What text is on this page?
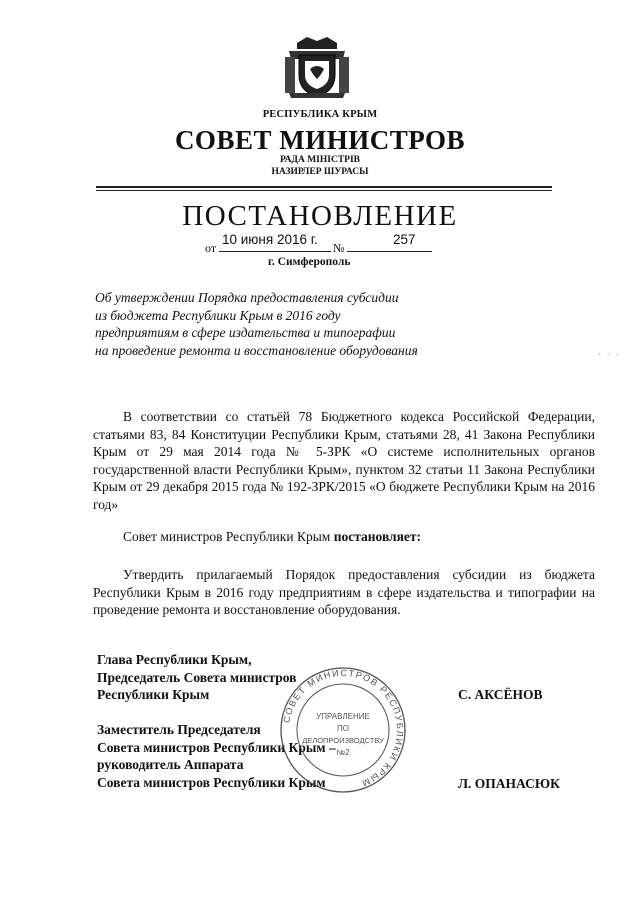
РЕСПУБЛИКА КРЫМ
СОВЕТ МИНИСТРОВ
РАДА МІНІСТРІВ
НАЗИРЛЕР ШУРАСЫ
ПОСТАНОВЛЕНИЕ
от
10 июня 2016 г.
№
257
г. Симферополь
Об утверждении Порядка предоставления субсидии
из бюджета Республики Крым в 2016 году
предприятиям в сфере издательства и типографии
на проведение ремонта и восстановление оборудования
В соответствии со статьёй 78 Бюджетного кодекса Российской Федерации, статьями 83, 84 Конституции Республики Крым, статьями 28, 41 Закона Республики Крым от 29 мая 2014 года № 5-ЗРК «О системе исполнительных органов государственной власти Республики Крым», пунктом 32 статьи 11 Закона Республики Крым от 29 декабря 2015 года № 192-ЗРК/2015 «О бюджете Республики Крым на 2016 год»
Совет министров Республики Крым постановляет:
Утвердить прилагаемый Порядок предоставления субсидии из бюджета Республики Крым в 2016 году предприятиям в сфере издательства и типографии на проведение ремонта и восстановление оборудования.
Глава Республики Крым,
Председатель Совета министров
Республики Крым	С. АКСЁНОВ
Заместитель Председателя
Совета министров Республики Крым –
руководитель Аппарата
Совета министров Республики Крым	Л. ОПАНАСЮК
СОВЕТ МИНИСТРОВ РЕСПУБЛИКИ КРЫМ
УПРАВЛЕНИЕ
ПО
ДЕЛОПРОИЗВОДСТВУ
№2
. . .
